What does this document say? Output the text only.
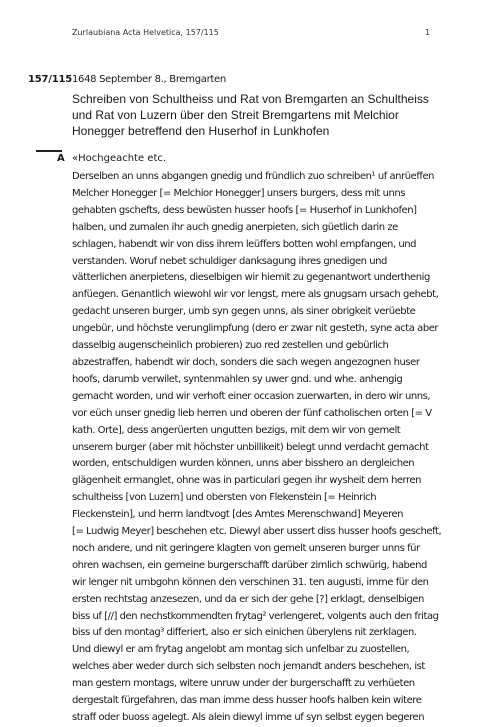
Zurlaubiana Acta Helvetica, 157/115	1
157/115 1648 September 8., Bremgarten
Schreiben von Schultheiss und Rat von Bremgarten an Schultheiss und Rat von Luzern über den Streit Bremgartens mit Melchior Honegger betreffend den Huserhof in Lunkhofen
A «Hochgeachte etc.
Derselben an unns abgangen gnedig und fründlich zuo schreiben¹ uf anrüeffen
Melcher Honegger [= Melchior Honegger] unsers burgers, dess mit unns
gehabten gschefts, dess bewüsten husser hoofs [= Huserhof in Lunkhofen]
halben, und zumalen ihr auch gnedig anerpieten, sich güetlich darin ze
schlagen, habendt wir von diss ihrem leüffers botten wohl empfangen, und
verstanden. Woruf nebet schuldiger danksagung ihres gnedigen und
vätterlichen anerpietens, dieselbigen wir hiemit zu gegenantwort underthenig
anfüegen. Genantlich wiewohl wir vor lengst, mere als gnugsam ursach gehebt,
gedacht unseren burger, umb syn gegen unns, als siner obrigkeit verüebte
ungebür, und höchste verunglimpfung (dero er zwar nit gesteth, syne acta aber
dasselbig augenscheinlich probieren) zuo red zestellen und gebürlich
abzestraffen, habendt wir doch, sonders die sach wegen angezognen huser
hoofs, darumb verwilet, syntenmahlen sy uwer gnd. und whe. anhengig
gemacht worden, und wir verhoft einer occasion zuerwarten, in dero wir unns,
vor eüch unser gnedig lieb herren und oberen der fünf catholischen orten [= V
kath. Orte], dess angerüerten ungutten bezigs, mit dem wir von gemelt
unserem burger (aber mit höchster unbillikeit) belegt unnd verdacht gemacht
worden, entschuldigen wurden können, unns aber bisshero an dergleichen
glägenheit ermanglet, ohne was in particulari gegen ihr wysheit dem herren
schultheiss [von Luzern] und obersten von Flekenstein [= Heinrich
Fleckenstein], und herrn landtvogt [des Amtes Merenschwand] Meyeren
[= Ludwig Meyer] beschehen etc. Diewyl aber ussert diss husser hoofs gescheft,
noch andere, und nit geringere klagten von gemelt unseren burger unns für
ohren wachsen, ein gemeine burgerschafft darüber zimlich schwürig, habend
wir lenger nit umbgohn können den verschinen 31. ten augusti, imme für den
ersten rechtstag anzesezen, und da er sich der gehe [?] erklagt, denselbigen
biss uf [//] den nechstkommendten frytag² verlengeret, volgents auch den fritag
biss uf den montag³ differiert, also er sich einichen überylens nit zerklagen.
Und diewyl er am frytag angelobt am montag sich unfelbar zu zuostellen,
welches aber weder durch sich selbsten noch jemandt anders beschehen, ist
man gestern montags, witere unruw under der burgerschafft zu verhüeten
dergestalt fürgefahren, das man imme dess husser hoofs halben kein witere
straff oder buoss agelegt. Als alein diewyl imme uf syn selbst eygen begeren
